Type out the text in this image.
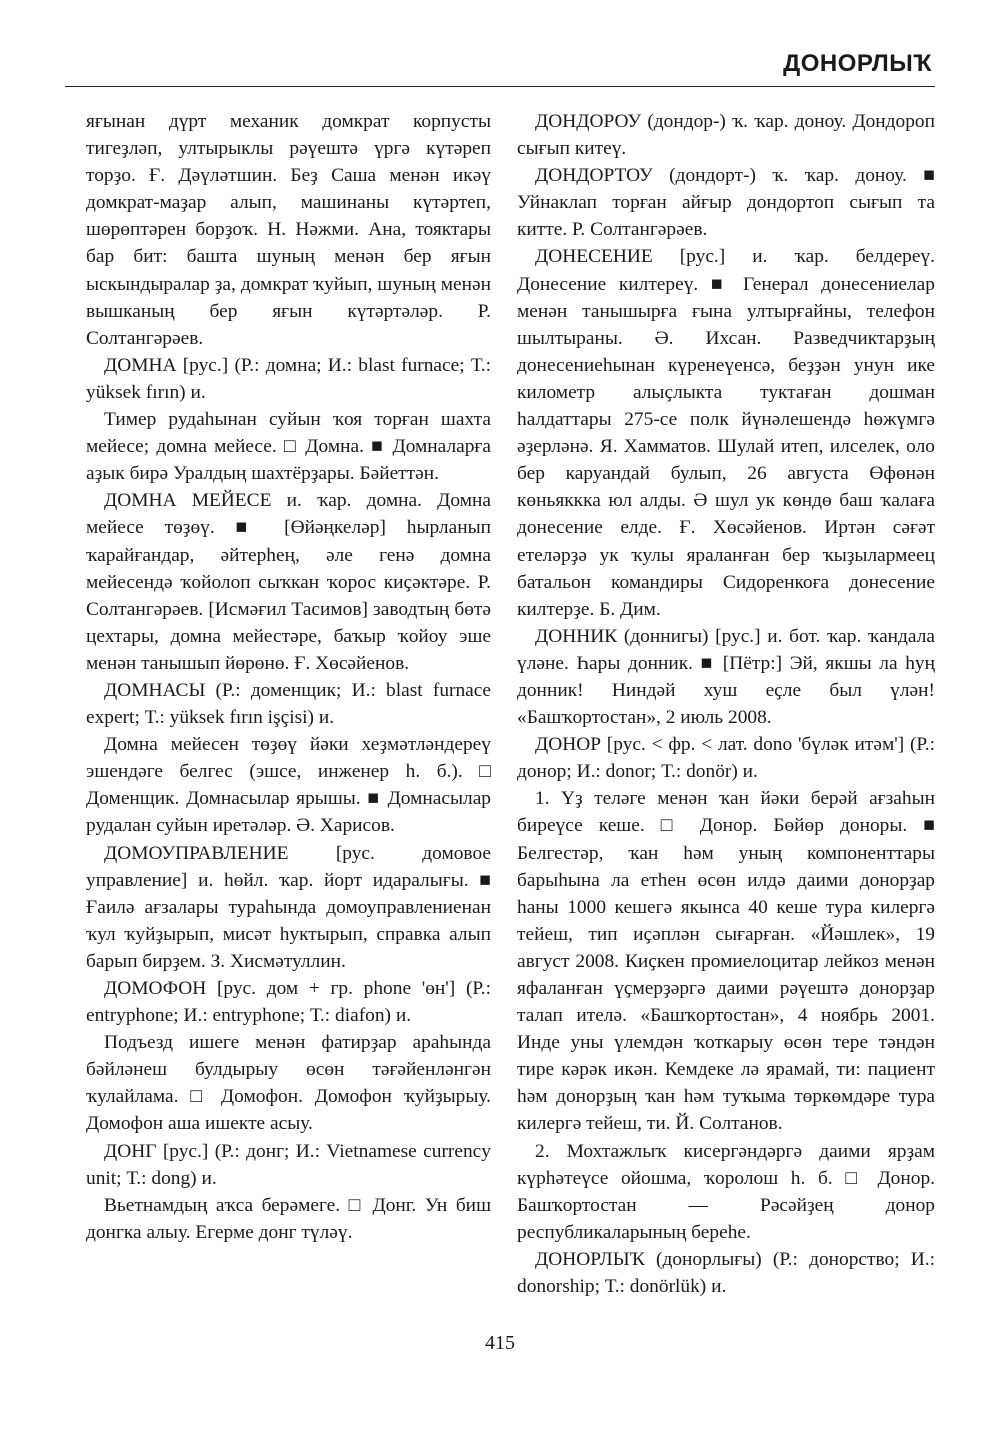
ДОНОРЛЫҠ

яғынан дүрт механик домкрат корпусты тигеҙләп, ултырыклы рәүештә үргә күтәреп торҙо. Ғ. Дәүләтшин. Беҙ Саша менән икәү домкрат-маҙар алып, машинаны күтәртеп, шөрөптәрен борҙоҡ. Н. Нәжми. Ана, тояктары бар бит: башта шуның менән бер яғын ыскындыралар ҙа, домкрат ҡуйып, шуның менән вышканың бер яғын күтәртәләр. Р. Солтангәрәев.

ДОМНА [рус.] (Р.: домна; И.: blast furnace; Т.: yüksek fırın) и.

Тимер рудаһынан суйын ҡоя торған шахта мейесе; домна мейесе. □ Домна. ■ Домналарға аҙык бирә Уралдың шахтёрҙары. Бәйеттән.

ДОМНА МЕЙЕСЕ и. ҡар. домна. Домна мейесе төҙөү. ■ [Өйәңкеләр] һырланып ҡарайғандар, әйтерһең, әле генә домна мейесендә ҡойолоп сыҡкан ҡорос киҫәктәре. Р. Солтангәрәев. [Исмәғил Тасимов] заводтың бөтә цехтары, домна мейестәре, баҡыр ҡойоу эше менән танышып йөрөнө. Ғ. Хөсәйенов.

ДОМНАСЫ (Р.: доменщик; И.: blast furnace expert; Т.: yüksek fırın işçisi) и.

Домна мейесен төҙөү йәки хеҙмәтләндереү эшендәге белгес (эшсе, инженер һ. б.). □ Доменщик. Домнасылар ярышы. ■ Домнасылар рудалан суйын иретәләр. Ә. Харисов.

ДОМОУПРАВЛЕНИЕ [рус. домовое управление] и. һөйл. ҡар. йорт идаралығы. ■ Ғаилә ағзалары тураһында домоуправлениенан ҡул ҡуйҙырып, мисәт һуктырып, справка алып барып бирҙем. З. Хисмәтуллин.

ДОМОФОН [рус. дом + гр. phone 'өн'] (Р.: entryphone; И.: entryphone; Т.: diafon) и.

Подъезд ишеге менән фатирҙар араһында бәйләнеш булдырыу өсөн тәғәйенләнгән ҡулайлама. □ Домофон. Домофон ҡуйҙырыу. Домофон аша ишекте асыу.

ДОНГ [рус.] (Р.: донг; И.: Vietnamese currency unit; Т.: dong) и.

Вьетнамдың аҡса берәмеге. □ Донг. Ун биш донгка алыу. Егерме донг түләү.

ДОНДОРОУ (дондор-) ҡ. ҡар. доноу. Дондороп сығып китеү.

ДОНДОРТОУ (дондорт-) ҡ. ҡар. доноу. ■ Уйнаклап торған айғыр дондортоп сығып та китте. Р. Солтангәрәев.

ДОНЕСЕНИЕ [рус.] и. ҡар. белдереү. Донесение килтереү. ■ Генерал донесениелар менән танышырға ғына ултырғайны, телефон шылтыраны. Ә. Ихсан. Разведчиктарҙың донесениеһынан күренеүенсә, беҙҙән унун ике километр алыҫлыкта туктаған дошман һалдаттары 275-се полк йүнәлешендә һөжүмгә әҙерләнә. Я. Хамматов. Шулай итеп, илселек, оло бер каруандай булып, 26 августа Өфөнән көньяккка юл алды. Ә шул ук көндө баш ҡалаға донесение елде. Ғ. Хөсәйенов. Иртән сәғәт етеләрҙә ук ҡулы яраланған бер ҡыҙылармеец батальон командиры Сидоренкоға донесение килтерҙе. Б. Дим.

ДОННИК (доннигы) [рус.] и. бот. ҡар. ҡандала үләне. Һары донник. ■ [Пётр:] Эй, якшы ла һуң донник! Ниндәй хуш еҫле был үлән! «Башҡортостан», 2 июль 2008.

ДОНОР [рус. < фр. < лат. dono 'бүләк итәм'] (Р.: донор; И.: donor; Т.: donör) и.

1. Үҙ теләге менән ҡан йәки берәй ағзаһын биреүсе кеше. □ Донор. Бөйөр доноры. ■ Белгестәр, ҡан һәм уның компоненттары барыһына ла етһен өсөн илдә даими донорҙар һаны 1000 кешегә якынса 40 кеше тура килергә тейеш, тип иҫәплән сығарған. «Йәшлек», 19 август 2008. Киҫкен промиелоцитар лейкоз менән яфаланған үҫмерҙәргә даими рәүештә донорҙар талап ителә. «Башҡортостан», 4 ноябрь 2001. Инде уны үлемдән ҡоткарыу өсөн тере тәндән тире кәрәк икән. Кемдеке лә ярамай, ти: пациент һәм донорҙың ҡан һәм туҡыма төркөмдәре тура килергә тейеш, ти. Й. Солтанов.

2. Мохтажлыҡ кисергәндәргә даими ярҙам күрһәтеүсе ойошма, ҡоролош һ. б. □ Донор. Башҡортостан — Рәсәйҙең донор республикаларының береһе.

ДОНОРЛЫҠ (донорлығы) (Р.: донорство; И.: donorship; Т.: donörlük) и.

415
